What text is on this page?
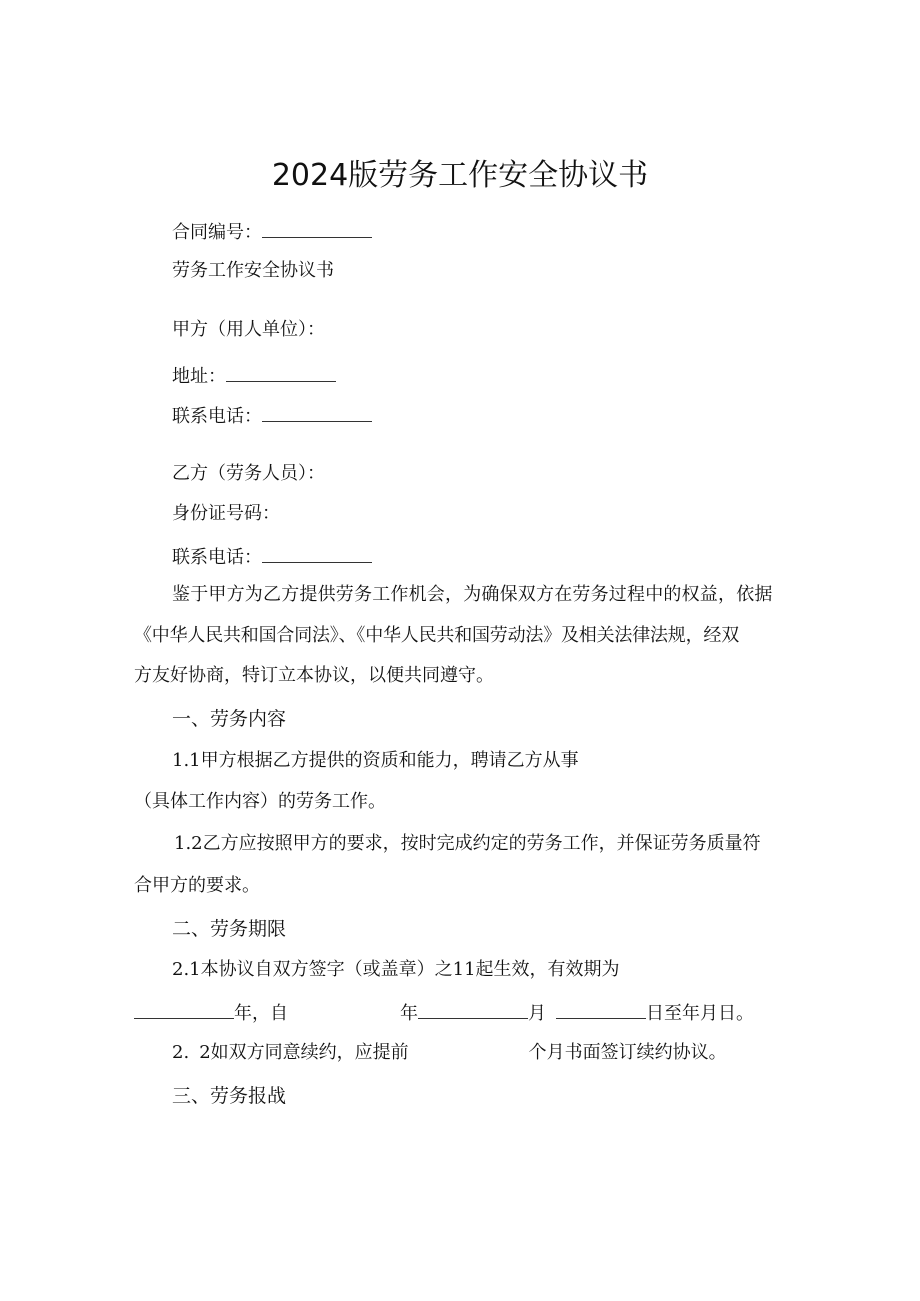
2024版劳务工作安全协议书
合同编号：
劳务工作安全协议书
甲方（用人单位）：
地址：
联系电话：
乙方（劳务人员）：
身份证号码：
联系电话：
鉴于甲方为乙方提供劳务工作机会，为确保双方在劳务过程中的权益，依据
《中华人民共和国合同法》、《中华人民共和国劳动法》及相关法律法规，经双
方友好协商，特订立本协议，以便共同遵守。
一、劳务内容
1.1甲方根据乙方提供的资质和能力，聘请乙方从事
（具体工作内容）的劳务工作。
1.2乙方应按照甲方的要求，按时完成约定的劳务工作，并保证劳务质量符
合甲方的要求。
二、劳务期限
2.1本协议自双方签字（或盖章）之11起生效，有效期为
年，自	年	月	日至年月日。
2. 2如双方同意续约，应提前	个月书面签订续约协议。
三、劳务报战
